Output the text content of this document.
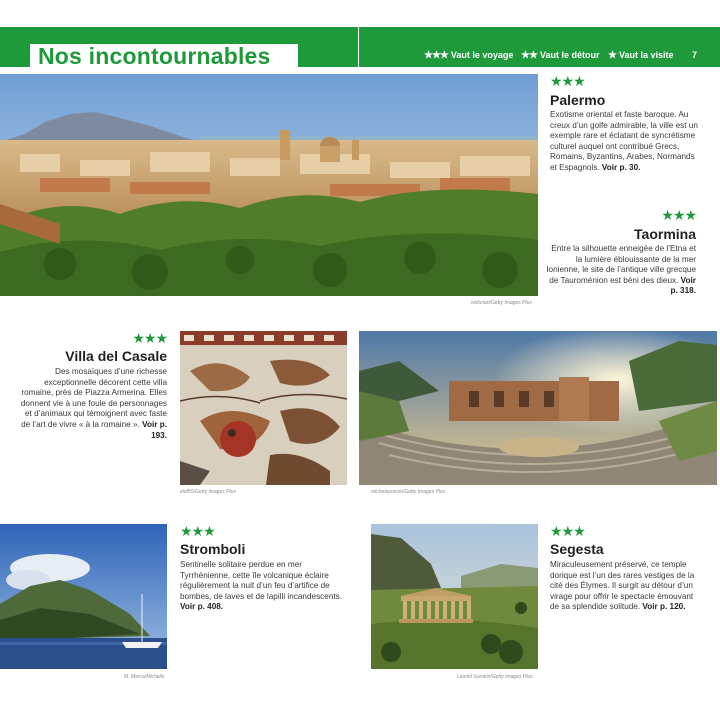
Nos incontournables	★★★ Vaut le voyage ★★ Vaut le détour ★ Vaut la visite 7
wsfurlan/Getty Images Plus
★★★
Palermo
Exotisme oriental et faste baroque. Au creux d’un golfe admirable, la ville est un exemple rare et éclatant de syncrétisme culturel auquel ont contribué Grecs, Romains, Byzantins, Arabes, Normands et Espagnols. Voir p. 30.
★★★
Taormina
Entre la silhouette enneigée de l’Etna et la lumière éblouissante de la mer Ionienne, le site de l’antique ville grecque de Tauroménion est béni des dieux. Voir p. 318.
★★★
Villa del Casale
Des mosaïques d’une richesse exceptionnelle décorent cette villa romaine, près de Piazza Armerina. Elles donnent vie à une foule de personnages et d’animaux qui témoignent avec faste de l’art de vivre « à la romaine ». Voir p. 193.
elef55/Getty Images Plus	micheleponzio/Getty Images Plus
M. Marca/Michelin
★★★
Stromboli
Sentinelle solitaire perdue en mer Tyrrhénienne, cette île volcanique éclaire régulièrement la nuit d’un feu d’artifice de bombes, de laves et de lapilli incandescents. Voir p. 408.
Leonid Sorokin/Getty Images Plus
★★★
Segesta
Miraculeusement préservé, ce temple dorique est l’un des rares vestiges de la cité des Élymes. Il surgit au détour d’un virage pour offrir le spectacle émouvant de sa splendide solitude. Voir p. 120.
